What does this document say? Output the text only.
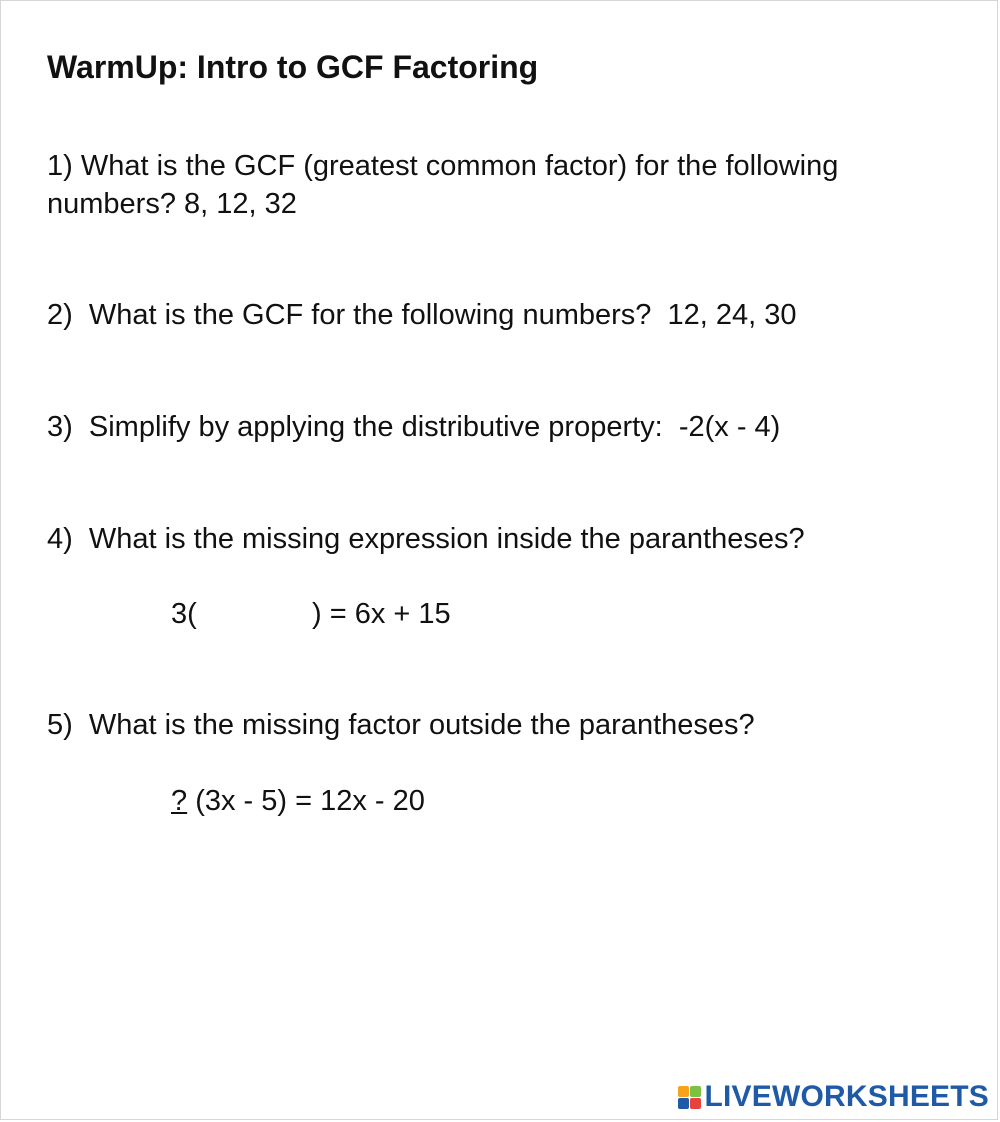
WarmUp: Intro to GCF Factoring
1) What is the GCF (greatest common factor) for the following numbers? 8, 12, 32
2)  What is the GCF for the following numbers?  12, 24, 30
3)  Simplify by applying the distributive property:  -2(x - 4)
4)  What is the missing expression inside the parantheses?
3(	) = 6x + 15
5)  What is the missing factor outside the parantheses?
? (3x - 5) = 12x - 20
LIVEWORKSHEETS
